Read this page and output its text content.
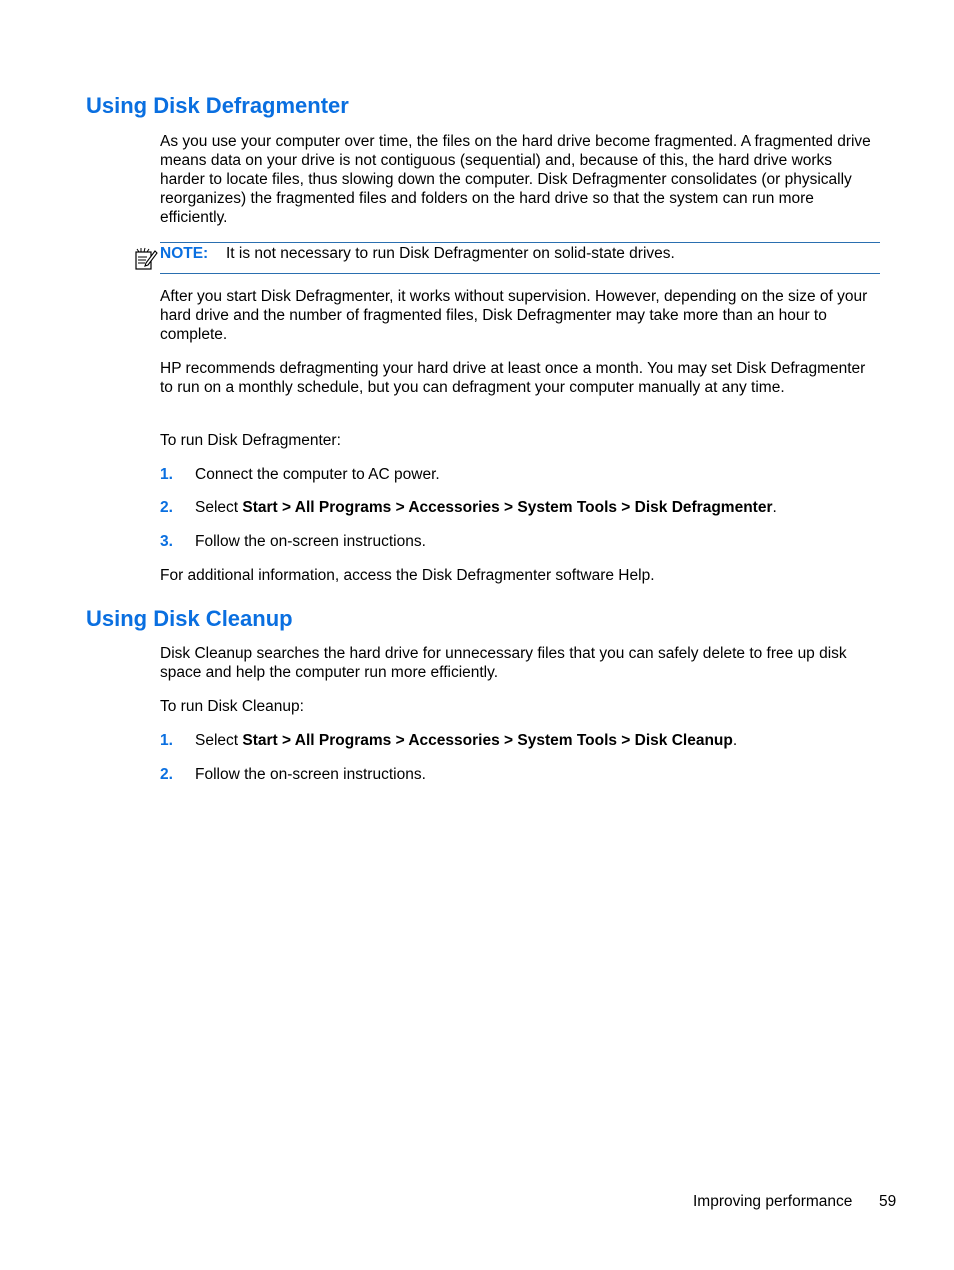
Using Disk Defragmenter

As you use your computer over time, the files on the hard drive become fragmented. A fragmented drive means data on your drive is not contiguous (sequential) and, because of this, the hard drive works harder to locate files, thus slowing down the computer. Disk Defragmenter consolidates (or physically reorganizes) the fragmented files and folders on the hard drive so that the system can run more efficiently.

NOTE: It is not necessary to run Disk Defragmenter on solid-state drives.

After you start Disk Defragmenter, it works without supervision. However, depending on the size of your hard drive and the number of fragmented files, Disk Defragmenter may take more than an hour to complete.

HP recommends defragmenting your hard drive at least once a month. You may set Disk Defragmenter to run on a monthly schedule, but you can defragment your computer manually at any time.

To run Disk Defragmenter:

1. Connect the computer to AC power.
2. Select Start > All Programs > Accessories > System Tools > Disk Defragmenter.
3. Follow the on-screen instructions.

For additional information, access the Disk Defragmenter software Help.

Using Disk Cleanup

Disk Cleanup searches the hard drive for unnecessary files that you can safely delete to free up disk space and help the computer run more efficiently.

To run Disk Cleanup:

1. Select Start > All Programs > Accessories > System Tools > Disk Cleanup.
2. Follow the on-screen instructions.
Improving performance 59
